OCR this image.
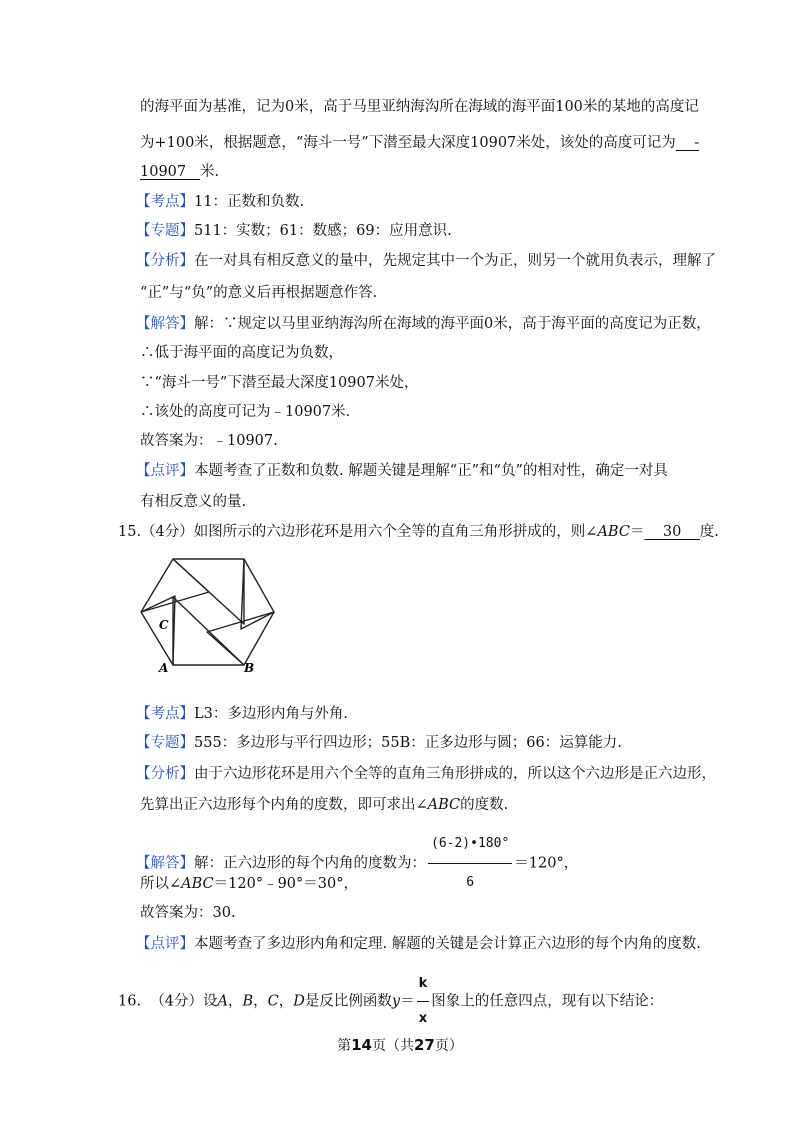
的海平面为基准，记为0米，高于马里亚纳海沟所在海域的海平面100米的某地的高度记
为+100米，根据题意，“海斗一号”下潜至最大深度10907米处，该处的高度可记为    -
10907   米.
【考点】11：正数和负数.
【专题】511：实数；61：数感；69：应用意识.
【分析】在一对具有相反意义的量中，先规定其中一个为正，则另一个就用负表示，理解了
“正”与“负”的意义后再根据题意作答.
【解答】解：∵规定以马里亚纳海沟所在海域的海平面0米，高于海平面的高度记为正数，
∴低于海平面的高度记为负数，
∵“海斗一号”下潜至最大深度10907米处，
∴该处的高度可记为﹣10907米.
故答案为：﹣10907.
【点评】本题考查了正数和负数. 解题关键是理解“正”和“负”的相对性，确定一对具
有相反意义的量.
15.（4分）如图所示的六边形花环是用六个全等的直角三角形拼成的，则∠ABC＝    30    度.
C
A	B
【考点】L3：多边形内角与外角.
【专题】555：多边形与平行四边形；55B：正多边形与圆；66：运算能力.
【分析】由于六边形花环是用六个全等的直角三角形拼成的，所以这个六边形是正六边形，
先算出正六边形每个内角的度数，即可求出∠ABC的度数.
【解答】解：正六边形的每个内角的度数为： $\frac{(6-2)•180^\circ}{6} =120^\circ$，
所以∠ABC＝120°﹣90°＝30°，
故答案为：30.
【点评】本题考查了多边形内角和定理. 解题的关键是会计算正六边形的每个内角的度数.
16.  （4分）设A，B，C，D是反比例函数$y= \frac{k}{x}$ 图象上的任意四点，现有以下结论：
第14页（共27页）
